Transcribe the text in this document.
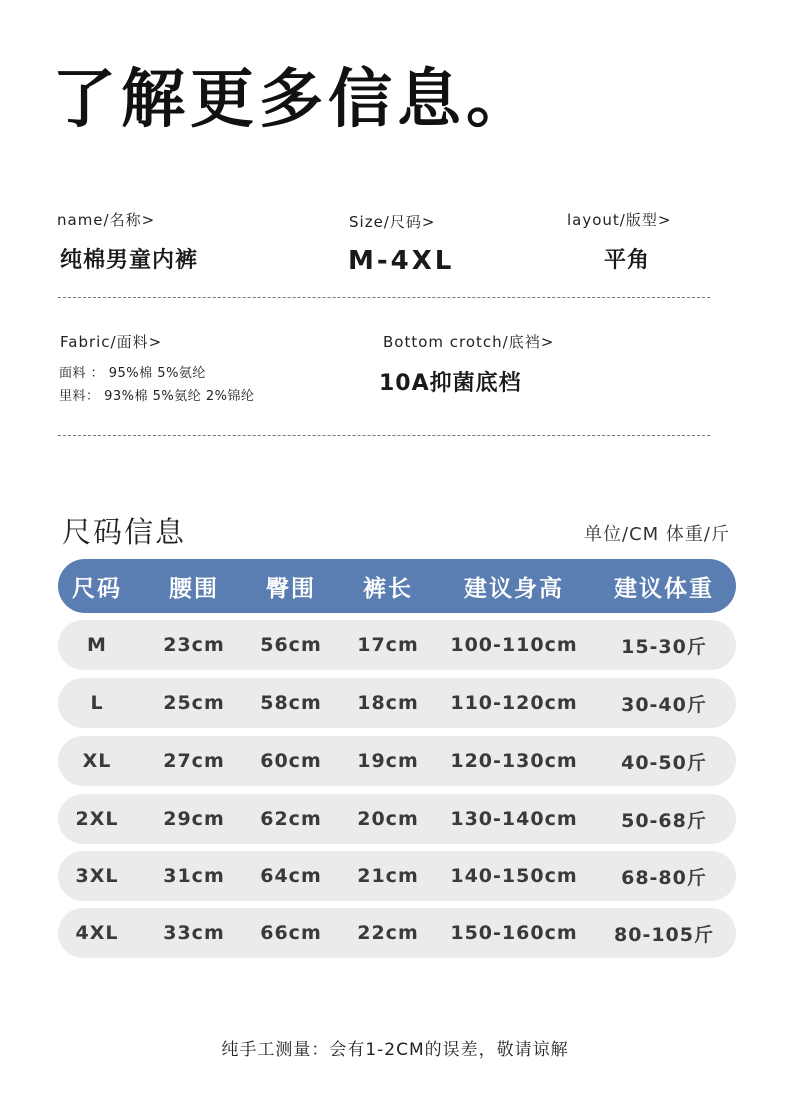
了解更多信息。
name/名称>
纯棉男童内裤
Size/尺码>
M-4XL
layout/版型>
平角
Fabric/面料>
面料 ： 95%棉 5%氨纶
里料： 93%棉 5%氨纶 2%锦纶
Bottom crotch/底裆>
10A抑菌底档
尺码信息	单位/CM 体重/斤
尺码	腰围	臀围	裤长	建议身高	建议体重
M	23cm	56cm	17cm	100-110cm	15-30斤
L	25cm	58cm	18cm	110-120cm	30-40斤
XL	27cm	60cm	19cm	120-130cm	40-50斤
2XL	29cm	62cm	20cm	130-140cm	50-68斤
3XL	31cm	64cm	21cm	140-150cm	68-80斤
4XL	33cm	66cm	22cm	150-160cm	80-105斤
纯手工测量：会有1-2CM的误差，敬请谅解
